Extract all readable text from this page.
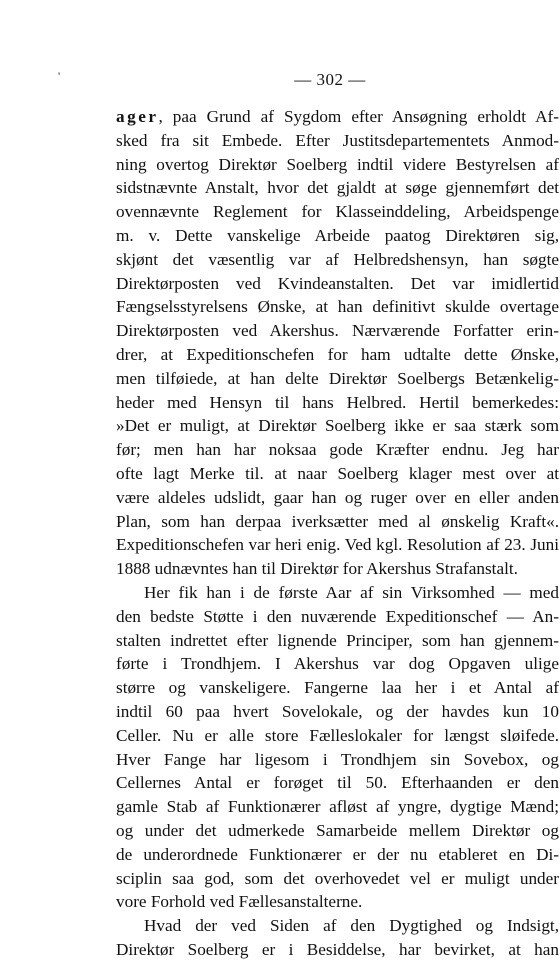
'	— 302 —
ager, paa Grund af Sygdom efter Ansøgning erholdt Af-
sked fra sit Embede. Efter Justitsdepartementets Anmod-
ning overtog Direktør Soelberg indtil videre Bestyrelsen af
sidstnævnte Anstalt, hvor det gjaldt at søge gjennemført det
ovennævnte Reglement for Klasseinddeling, Arbeidspenge
m. v. Dette vanskelige Arbeide paatog Direktøren sig,
skjønt det væsentlig var af Helbredshensyn, han søgte
Direktørposten ved Kvindeanstalten. Det var imidlertid
Fængselsstyrelsens Ønske, at han definitivt skulde overtage
Direktørposten ved Akershus. Nærværende Forfatter erin-
drer, at Expeditionschefen for ham udtalte dette Ønske,
men tilføiede, at han delte Direktør Soelbergs Betænkelig-
heder med Hensyn til hans Helbred. Hertil bemerkedes:
»Det er muligt, at Direktør Soelberg ikke er saa stærk som
før; men han har noksaa gode Kræfter endnu. Jeg har
ofte lagt Merke til. at naar Soelberg klager mest over at
være aldeles udslidt, gaar han og ruger over en eller anden
Plan, som han derpaa iverksætter med al ønskelig Kraft«.
Expeditionschefen var heri enig. Ved kgl. Resolution af 23. Juni
1888 udnævntes han til Direktør for Akershus Strafanstalt.
Her fik han i de første Aar af sin Virksomhed — med
den bedste Støtte i den nuværende Expeditionschef — An-
stalten indrettet efter lignende Principer, som han gjennem-
førte i Trondhjem. I Akershus var dog Opgaven ulige
større og vanskeligere. Fangerne laa her i et Antal af
indtil 60 paa hvert Sovelokale, og der havdes kun 10
Celler. Nu er alle store Fælleslokaler for længst sløifede.
Hver Fange har ligesom i Trondhjem sin Sovebox, og
Cellernes Antal er forøget til 50. Efterhaanden er den
gamle Stab af Funktionærer afløst af yngre, dygtige Mænd;
og under det udmerkede Samarbeide mellem Direktør og
de underordnede Funktionærer er der nu etableret en Di-
sciplin saa god, som det overhovedet vel er muligt under
vore Forhold ved Fællesanstalterne.
Hvad der ved Siden af den Dygtighed og Indsigt,
Direktør Soelberg er i Besiddelse, har bevirket, at han
